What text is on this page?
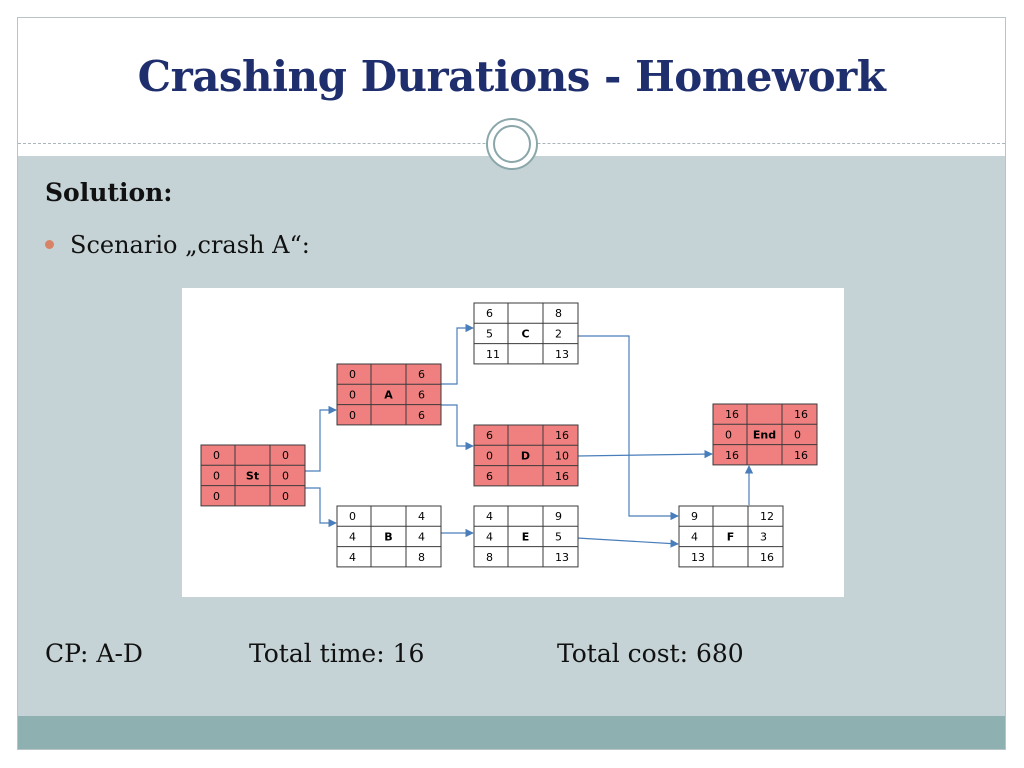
Crashing Durations - Homework
Solution:
Scenario „crash A“:
0	0
0 St 0
0	0
0	6
0	A 6
0	6
0	4
4	B 4
4	8
6	8
5	C 2
11	13
6	16
0	D 10
6	16
4	9
4	E 5
8	13
9	12
4	F 3
13	16
16	16
0 End 0
16	16
CP: A-D	Total time: 16	Total cost: 680
